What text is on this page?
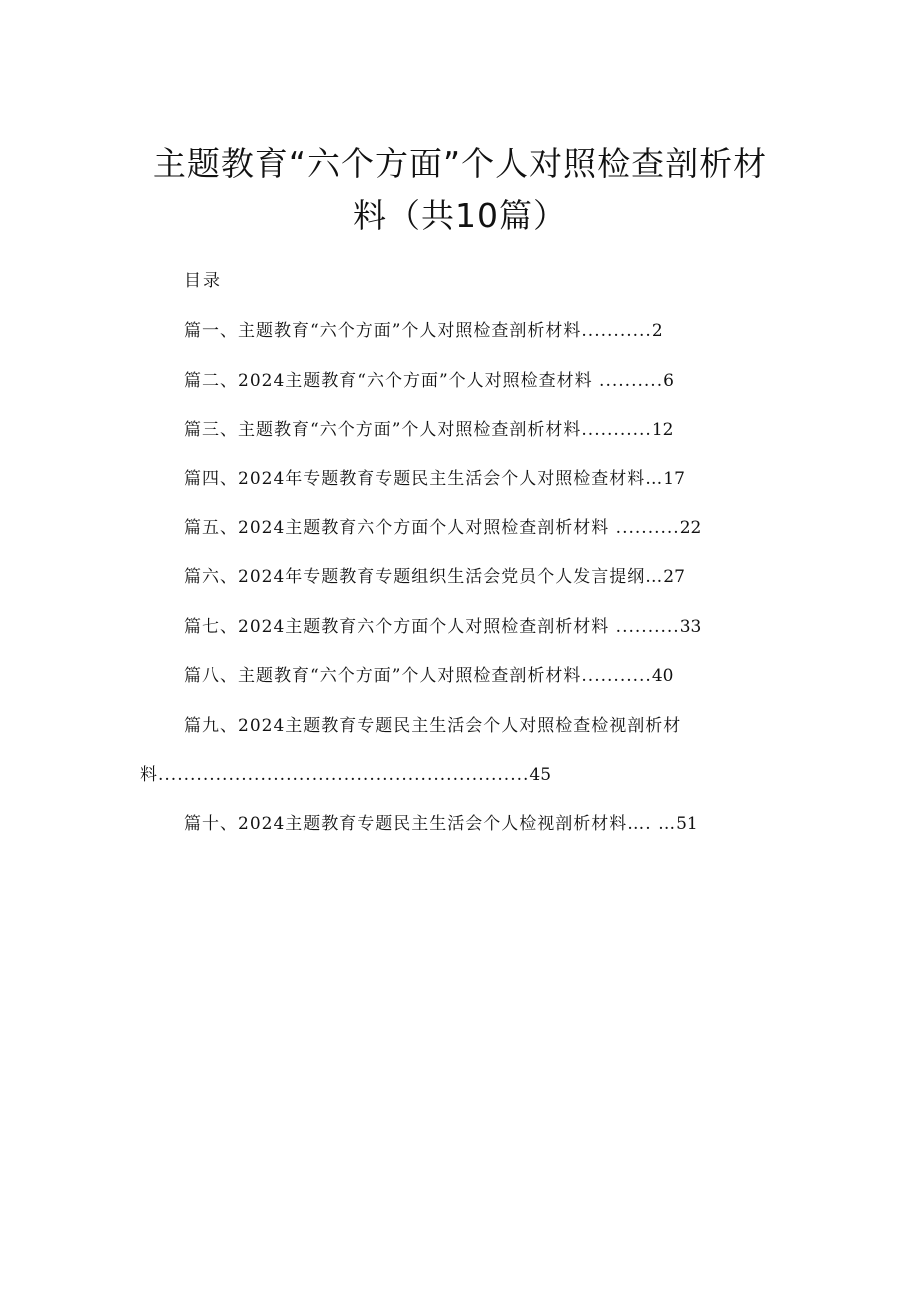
主题教育“六个方面”个人对照检查剖析材
料（共10篇）
目录
篇一、主题教育“六个方面”个人对照检查剖析材料...........2
篇二、2024主题教育“六个方面”个人对照检查材料 ..........6
篇三、主题教育“六个方面”个人对照检查剖析材料...........12
篇四、2024年专题教育专题民主生活会个人对照检查材料…17
篇五、2024主题教育六个方面个人对照检查剖析材料 ..........22
篇六、2024年专题教育专题组织生活会党员个人发言提纲…27
篇七、2024主题教育六个方面个人对照检查剖析材料 ..........33
篇八、主题教育“六个方面”个人对照检查剖析材料...........40
篇九、2024主题教育专题民主生活会个人对照检查检视剖析材
料..........................................................45
篇十、2024主题教育专题民主生活会个人检视剖析材料…. …51
